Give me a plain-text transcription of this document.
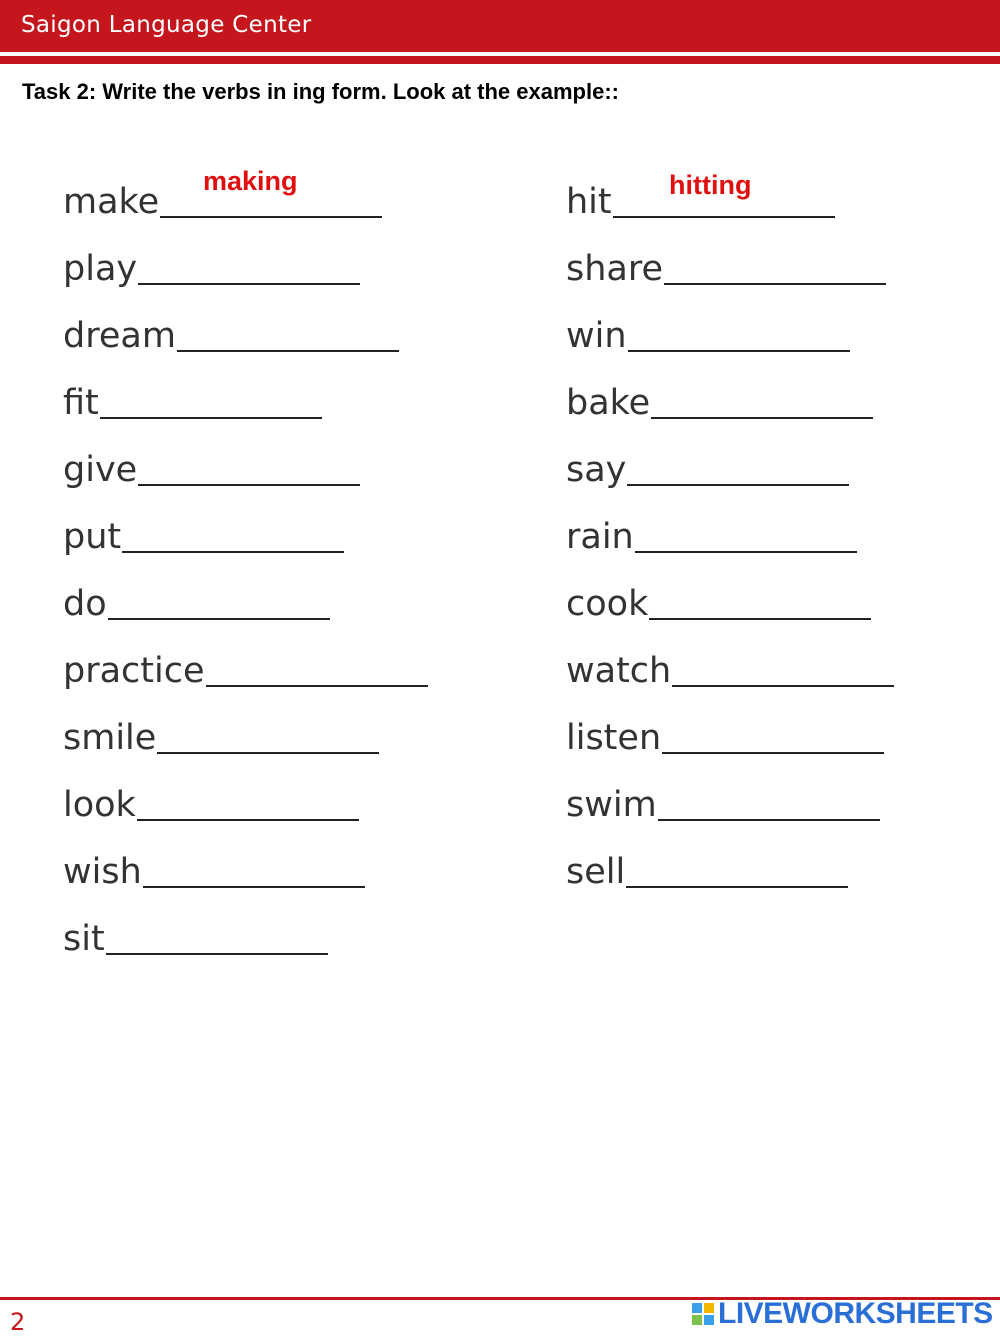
Saigon Language Center
Task 2: Write the verbs in ing form. Look at the example::
make
play
dream
fit
give
put
do
practice
smile
look
wish
sit
hit
share
win
bake
say
rain
cook
watch
listen
swim
sell
2	LIVEWORKSHEETS
making	hitting
